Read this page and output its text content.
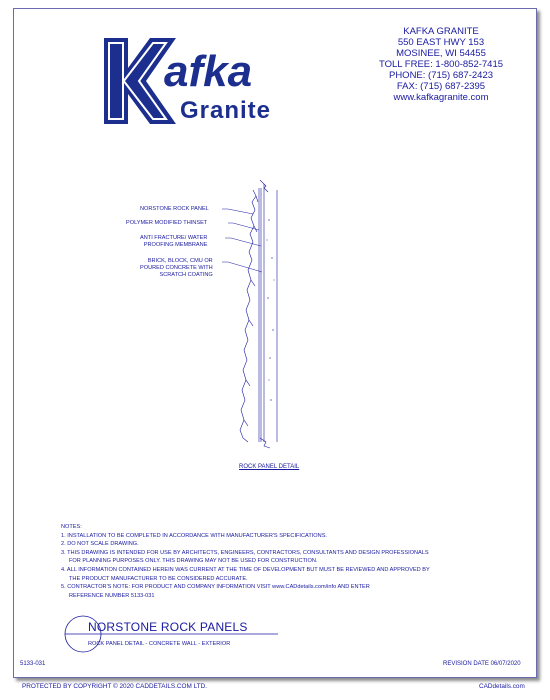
afka
Granite
KAFKA GRANITE
550 EAST HWY 153
MOSINEE, WI 54455
TOLL FREE: 1-800-852-7415
PHONE: (715) 687-2423
FAX: (715) 687-2395
www.kafkagranite.com
NORSTONE ROCK PANEL
POLYMER MODIFIED THINSET
ANTI FRACTURE/ WATER
PROOFING MEMBRANE
BRICK, BLOCK, CMU OR
POURED CONCRETE WITH
SCRATCH COATING
ROCK PANEL DETAIL
NOTES:
1. INSTALLATION TO BE COMPLETED IN ACCORDANCE WITH MANUFACTURER'S SPECIFICATIONS.
2. DO NOT SCALE DRAWING.
3. THIS DRAWING IS INTENDED FOR USE BY ARCHITECTS, ENGINEERS, CONTRACTORS, CONSULTANTS AND DESIGN PROFESSIONALS
FOR PLANNING PURPOSES ONLY. THIS DRAWING MAY NOT BE USED FOR CONSTRUCTION.
4. ALL INFORMATION CONTAINED HEREIN WAS CURRENT AT THE TIME OF DEVELOPMENT BUT MUST BE REVIEWED AND APPROVED BY
THE PRODUCT MANUFACTURER TO BE CONSIDERED ACCURATE.
5. CONTRACTOR'S NOTE: FOR PRODUCT AND COMPANY INFORMATION VISIT www.CADdetails.com/info AND ENTER
REFERENCE NUMBER 5133-031
NORSTONE ROCK PANELS
ROCK PANEL DETAIL - CONCRETE WALL - EXTERIOR
5133-031	REVISION DATE 06/07/2020
PROTECTED BY COPYRIGHT © 2020 CADDETAILS.COM LTD.	CADdetails.com
